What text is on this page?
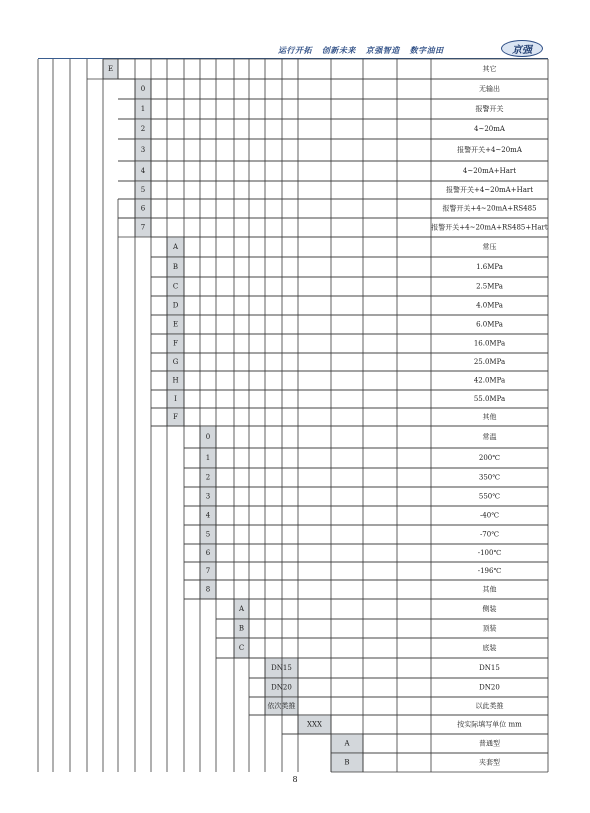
运行开拓   创新未来   京强智造   数字油田	京强
E	其它
0	无输出
1	报警开关
2	4~20mA
3	报警开关+4~20mA
4	4~20mA+Hart
5	报警开关+4~20mA+Hart
6	报警开关+4~20mA+RS485
7	报警开关+4~20mA+RS485+Hart
A	常压
B	1.6MPa
C	2.5MPa
D	4.0MPa
E	6.0MPa
F	16.0MPa
G	25.0MPa
H	42.0MPa
I	55.0MPa
F	其他
0	常温
1	200℃
2	350℃
3	550℃
4	-40℃
5	-70℃
6	-100℃
7	-196℃
8	其他
A	侧装
B	顶装
C	底装
DN15	DN15
DN20	DN20
依次类推	以此类推
XXX	按实际填写单位 mm
A	普通型
B	夹套型
8
